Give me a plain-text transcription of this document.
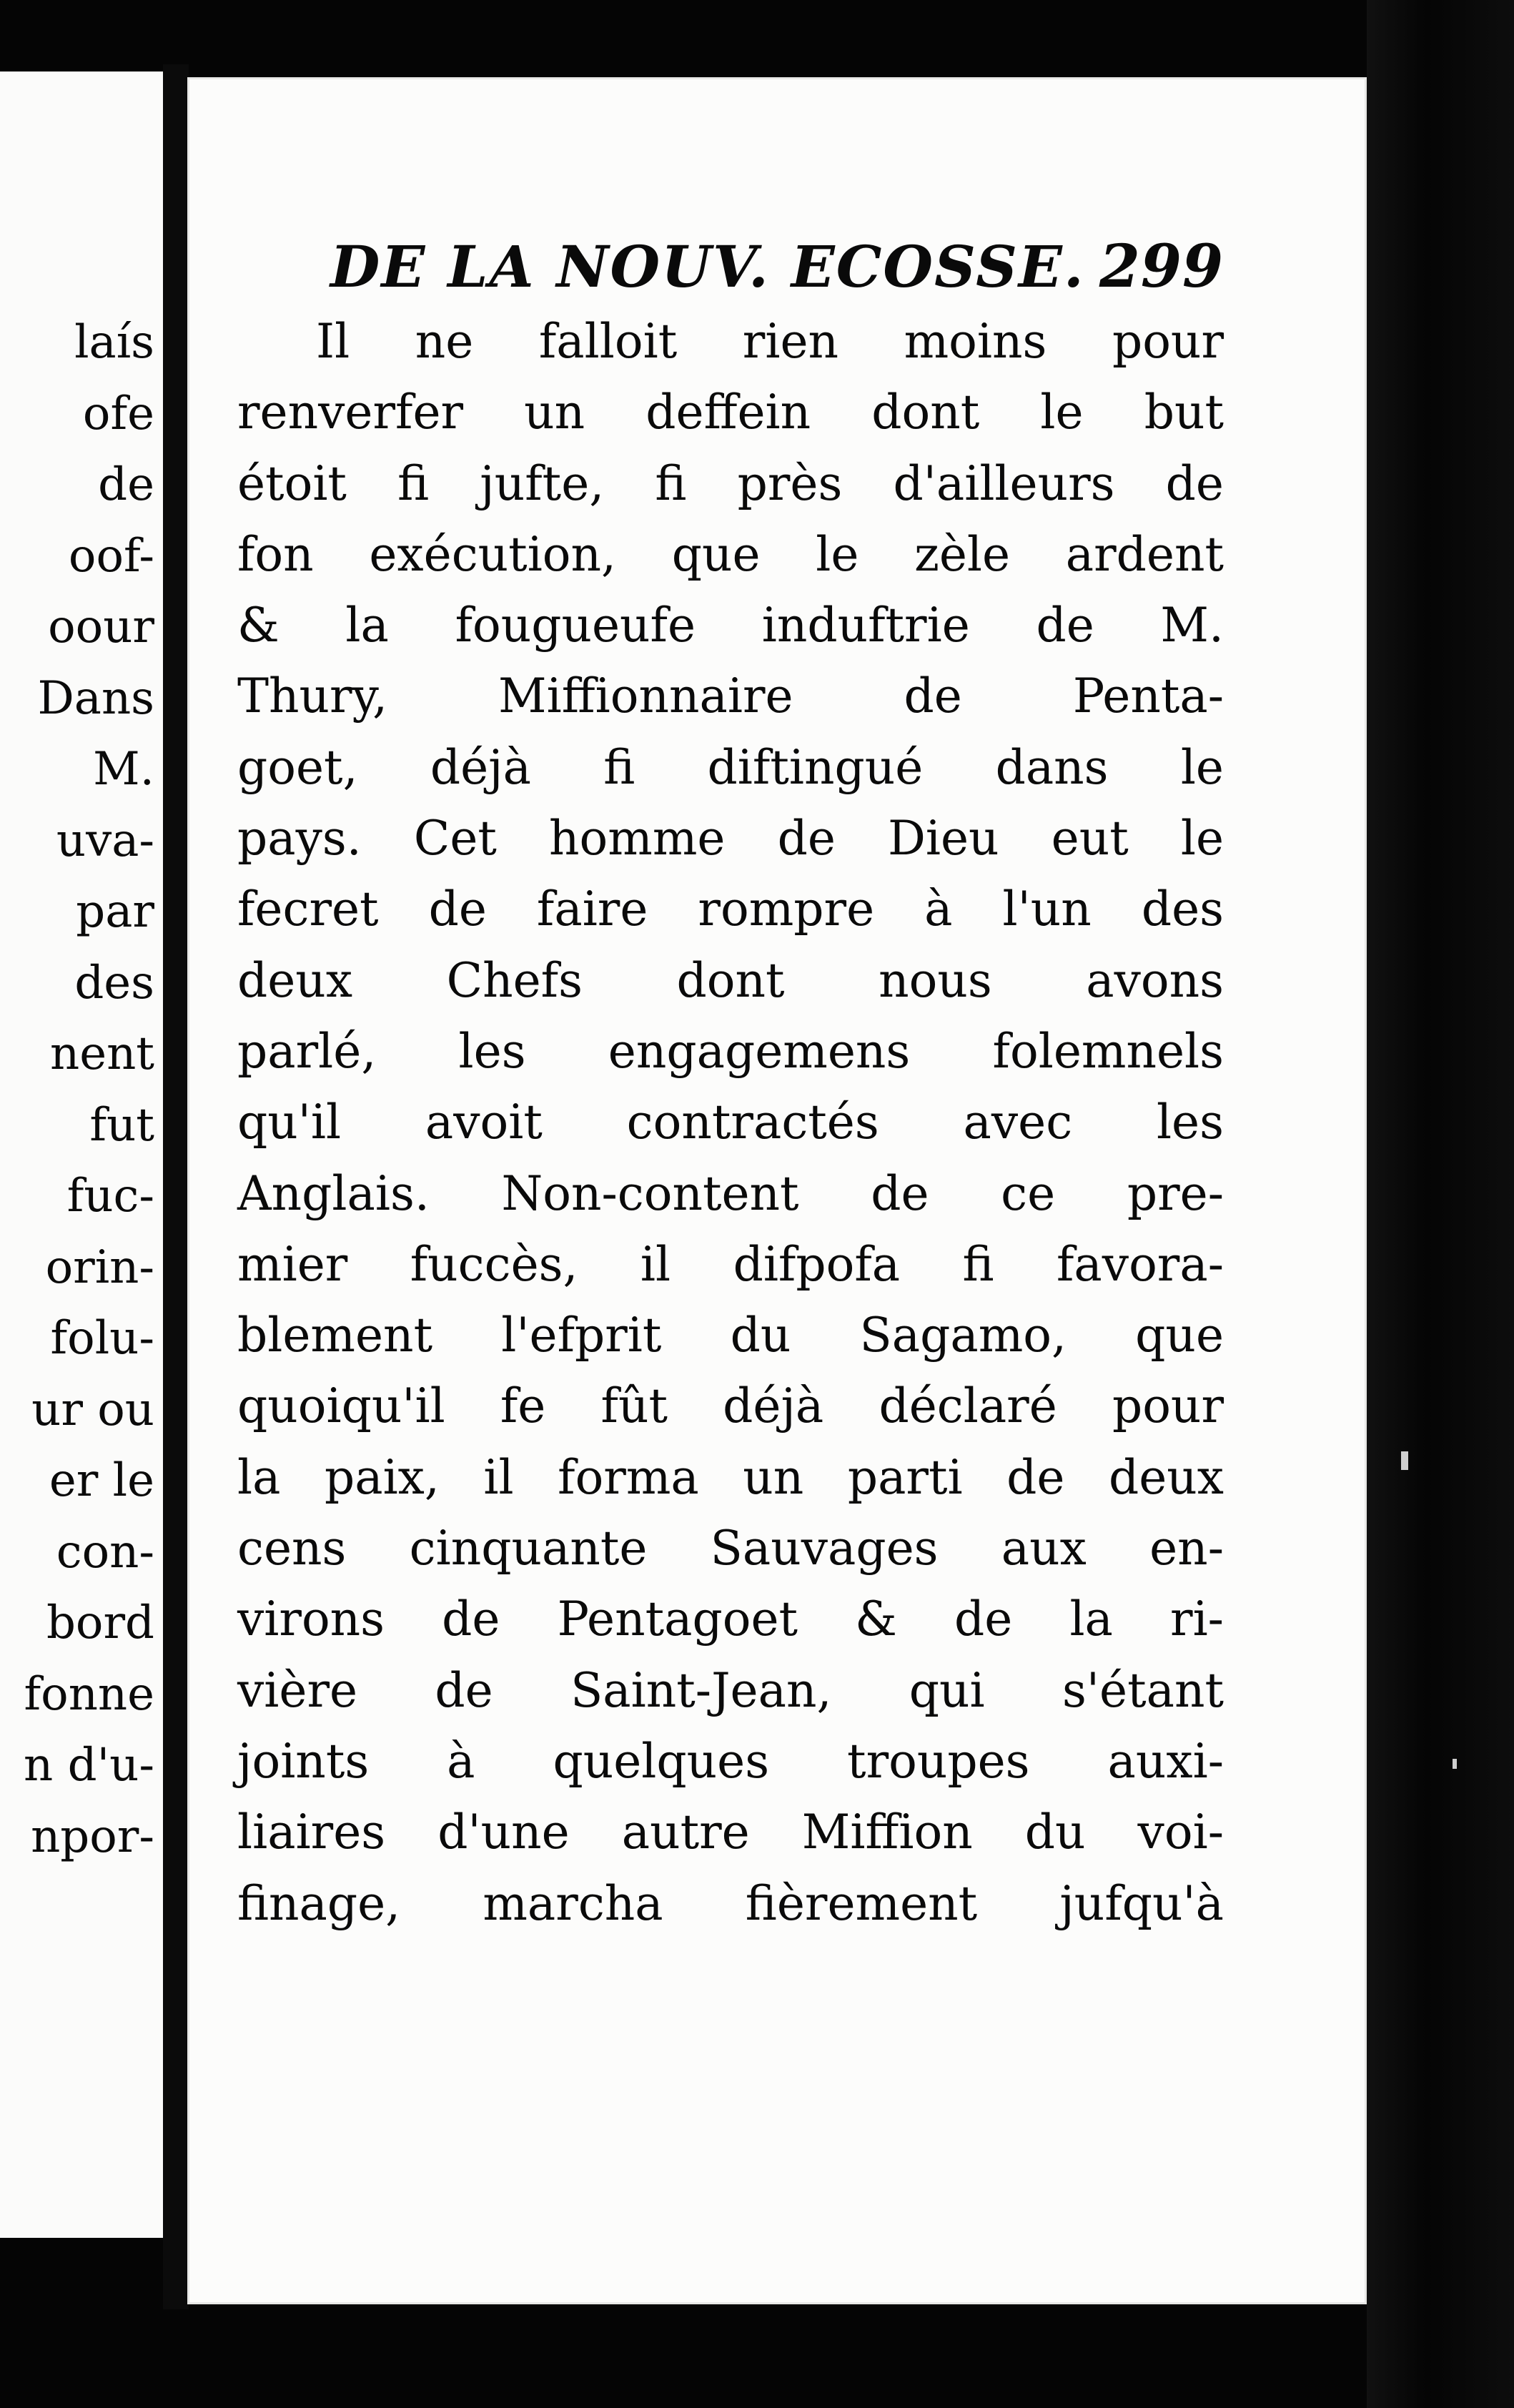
laís
ofe
de
oof-
oour
Dans
M.
uva-
par
des
nent
fut
fuc-
orin-
folu-
ur ou
er le
con-
bord
fonne
n d'u-
npor-
DE LA NOUV. ECOSSE. 299
Il ne falloit rien moins pour
renverfer un deffein dont le but
étoit fi jufte, fi près d'ailleurs de
fon exécution, que le zèle ardent
& la fougueufe induftrie de M.
Thury, Miffionnaire de Penta-
goet, déjà fi diftingué dans le
pays. Cet homme de Dieu eut le
fecret de faire rompre à l'un des
deux Chefs dont nous avons
parlé, les engagemens folemnels
qu'il avoit contractés avec les
Anglais. Non-content de ce pre-
mier fuccès, il difpofa fi favora-
blement l'efprit du Sagamo, que
quoiqu'il fe fût déjà déclaré pour
la paix, il forma un parti de deux
cens cinquante Sauvages aux en-
virons de Pentagoet & de la ri-
vière de Saint-Jean, qui s'étant
joints à quelques troupes auxi-
liaires d'une autre Miffion du voi-
finage, marcha fièrement jufqu'à
